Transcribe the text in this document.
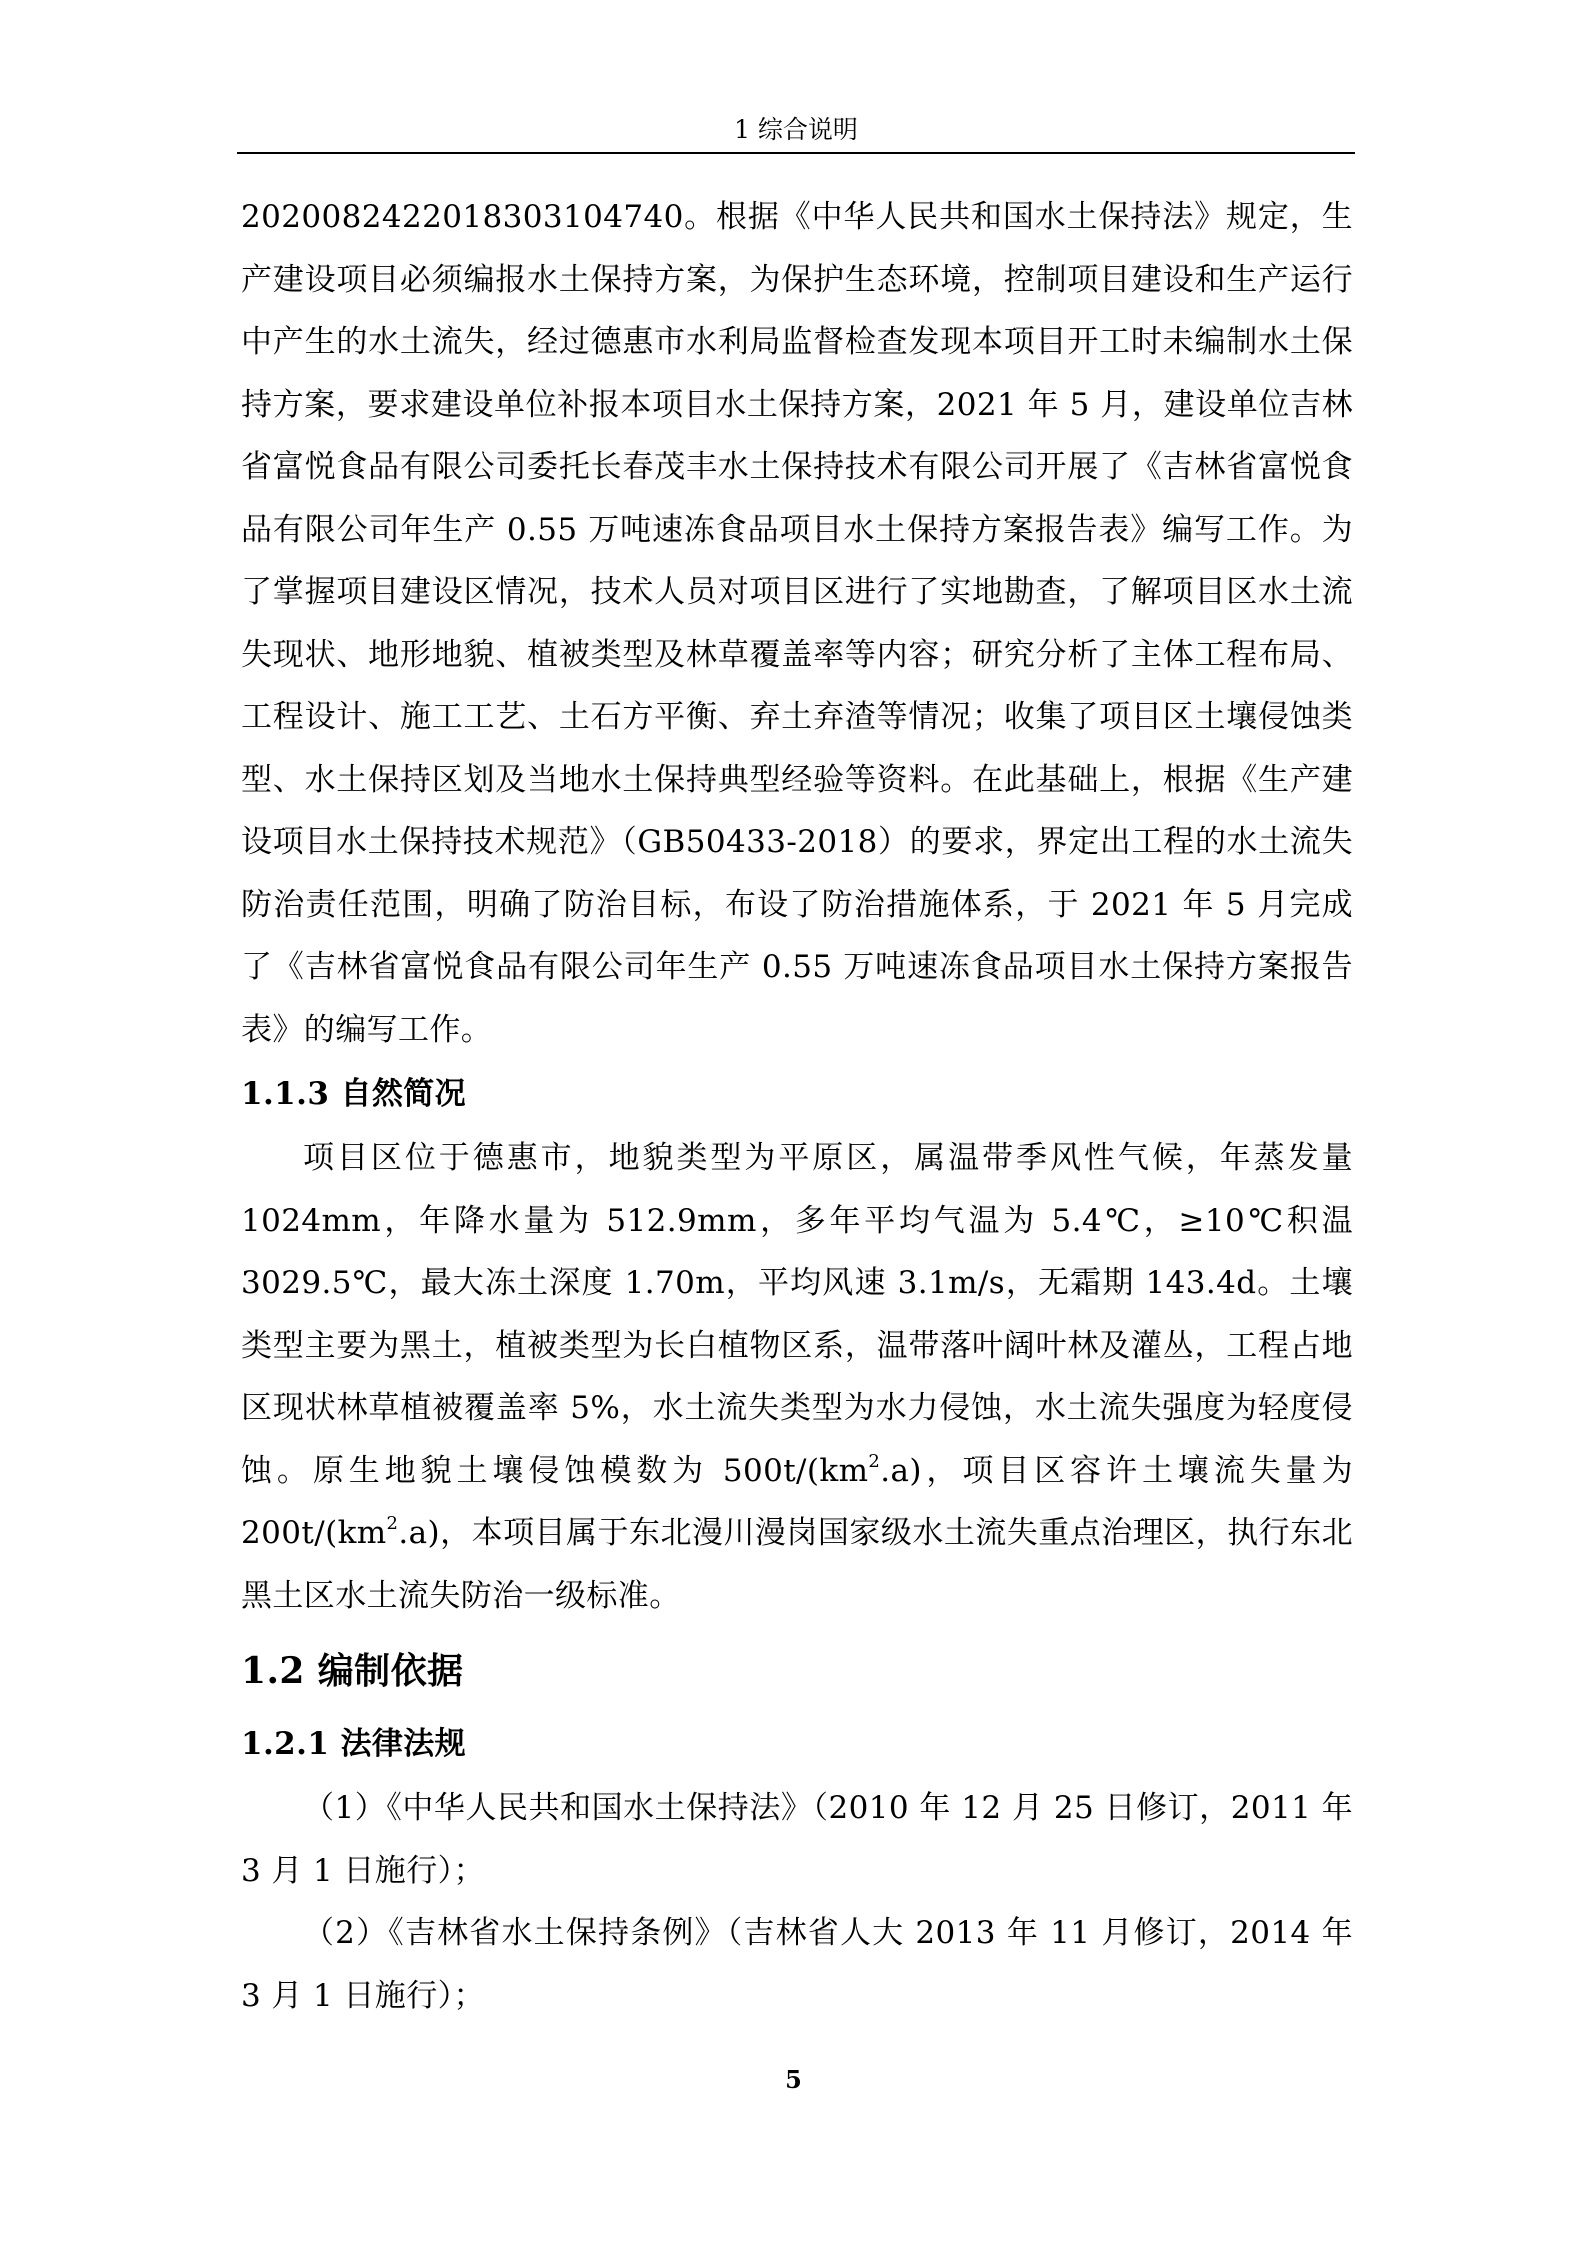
1 综合说明

20200824220183031047​40。根据《中华人民共和国水土保持法》规定，生产建设项目必须编报水土保持方案，为保护生态环境，控制项目建设和生产运行中产生的水土流失，经过德惠市水利局监督检查发现本项目开工时未编制水土保持方案，要求建设单位补报本项目水土保持方案，2021 年 5 月，建设单位吉林省富悦食品有限公司委托长春茂丰水土保持技术有限公司开展了《吉林省富悦食品有限公司年生产 0.55 万吨速冻食品项目水土保持方案报告表》编写工作。为了掌握项目建设区情况，技术人员对项目区进行了实地勘查，了解项目区水土流失现状、地形地貌、植被类型及林草覆盖率等内容；研究分析了主体工程布局、工程设计、施工工艺、土石方平衡、弃土弃渣等情况；收集了项目区土壤侵蚀类型、水土保持区划及当地水土保持典型经验等资料。在此基础上，根据《生产建设项目水土保持技术规范》（GB50433-2018）的要求，界定出工程的水土流失防治责任范围，明确了防治目标，布设了防治措施体系，于 2021 年 5 月完成了《吉林省富悦食品有限公司年生产 0.55 万吨速冻食品项目水土保持方案报告表》的编写工作。

1.1.3 自然简况

项目区位于德惠市，地貌类型为平原区，属温带季风性气候，年蒸发量 1024mm，年降水量为 512.9mm，多年平均气温为 5.4℃，≥10℃积温 3029.5℃，最大冻土深度 1.70m，平均风速 3.1m/s，无霜期 143.4d。土壤类型主要为黑土，植被类型为长白植物区系，温带落叶阔叶林及灌丛，工程占地区现状林草植被覆盖率 5%，水土流失类型为水力侵蚀，水土流失强度为轻度侵蚀。原生地貌土壤侵蚀模数为 $500t/(km^2.a)$，项目区容许土壤流失量为 $200t/(km^2.a)$，本项目属于东北漫川漫岗国家级水土流失重点治理区，执行东北黑土区水土流失防治一级标准。

1.2 编制依据
1.2.1 法律法规

（1）《中华人民共和国水土保持法》（2010 年 12 月 25 日修订，2011 年 3 月 1 日施行）；

（2）《吉林省水土保持条例》（吉林省人大 2013 年 11 月修订，2014 年 3 月 1 日施行）；

5
